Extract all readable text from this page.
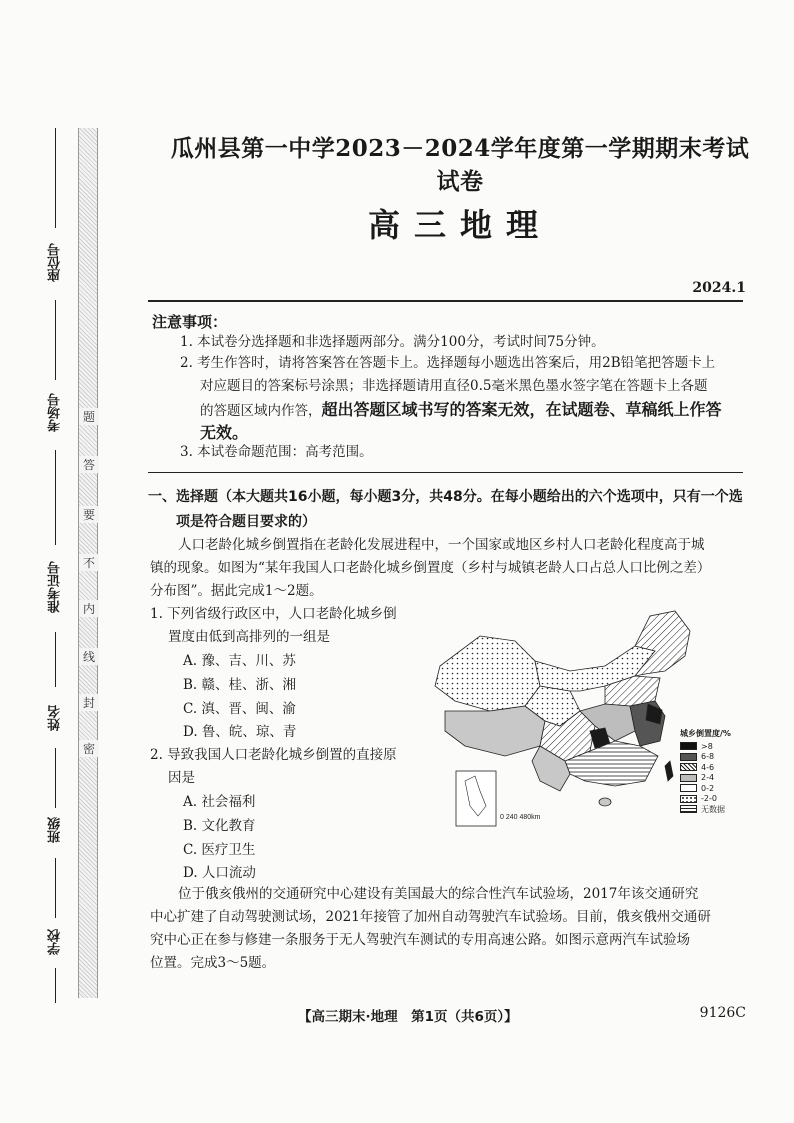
座位号
考场号
准考证号
姓名
班级
学校
题
答
要
不
内
线
封
密
瓜州县第一中学2023－2024学年度第一学期期末考试试卷
高三地理
2024.1
注意事项：
1. 本试卷分选择题和非选择题两部分。满分100分，考试时间75分钟。
2. 考生作答时，请将答案答在答题卡上。选择题每小题选出答案后，用2B铅笔把答题卡上
对应题目的答案标号涂黑；非选择题请用直径0.5毫米黑色墨水签字笔在答题卡上各题
的答题区域内作答，超出答题区域书写的答案无效，在试题卷、草稿纸上作答
无效。
3. 本试卷命题范围：高考范围。
一、选择题（本大题共16小题，每小题3分，共48分。在每小题给出的六个选项中，只有一个选
项是符合题目要求的）
人口老龄化城乡倒置指在老龄化发展进程中，一个国家或地区乡村人口老龄化程度高于城
镇的现象。如图为“某年我国人口老龄化城乡倒置度（乡村与城镇老龄人口占总人口比例之差）
分布图”。据此完成1～2题。
1. 下列省级行政区中，人口老龄化城乡倒
置度由低到高排列的一组是
A. 豫、吉、川、苏
B. 赣、桂、浙、湘
C. 滇、晋、闽、渝
D. 鲁、皖、琼、青
2. 导致我国人口老龄化城乡倒置的直接原
因是
A. 社会福利
B. 文化教育
C. 医疗卫生
D. 人口流动
0 240 480km
城乡倒置度/%
>8
6-8
4-6
2-4
0-2
-2-0
无数据
位于俄亥俄州的交通研究中心建设有美国最大的综合性汽车试验场，2017年该交通研究
中心扩建了自动驾驶测试场，2021年接管了加州自动驾驶汽车试验场。目前，俄亥俄州交通研
究中心正在参与修建一条服务于无人驾驶汽车测试的专用高速公路。如图示意两汽车试验场
位置。完成3～5题。
【高三期末·地理　第1页（共6页）】	9126C
